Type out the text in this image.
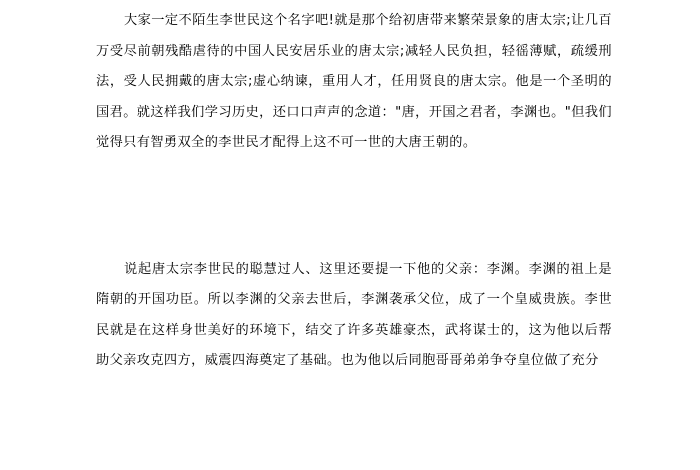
大家一定不陌生李世民这个名字吧!就是那个给初唐带来繁荣景象的唐太宗;让几百万受尽前朝残酷虐待的中国人民安居乐业的唐太宗;减轻人民负担，轻徭薄赋，疏缓刑法，受人民拥戴的唐太宗;虚心纳谏，重用人才，任用贤良的唐太宗。他是一个圣明的国君。就这样我们学习历史，还口口声声的念道："唐，开国之君者，李渊也。"但我们觉得只有智勇双全的李世民才配得上这不可一世的大唐王朝的。

说起唐太宗李世民的聪慧过人、这里还要提一下他的父亲：李渊。李渊的祖上是隋朝的开国功臣。所以李渊的父亲去世后，李渊袭承父位，成了一个皇威贵族。李世民就是在这样身世美好的环境下，结交了许多英雄豪杰，武将谋士的，这为他以后帮助父亲攻克四方，威震四海奠定了基础。也为他以后同胞哥哥弟弟争夺皇位做了充分
